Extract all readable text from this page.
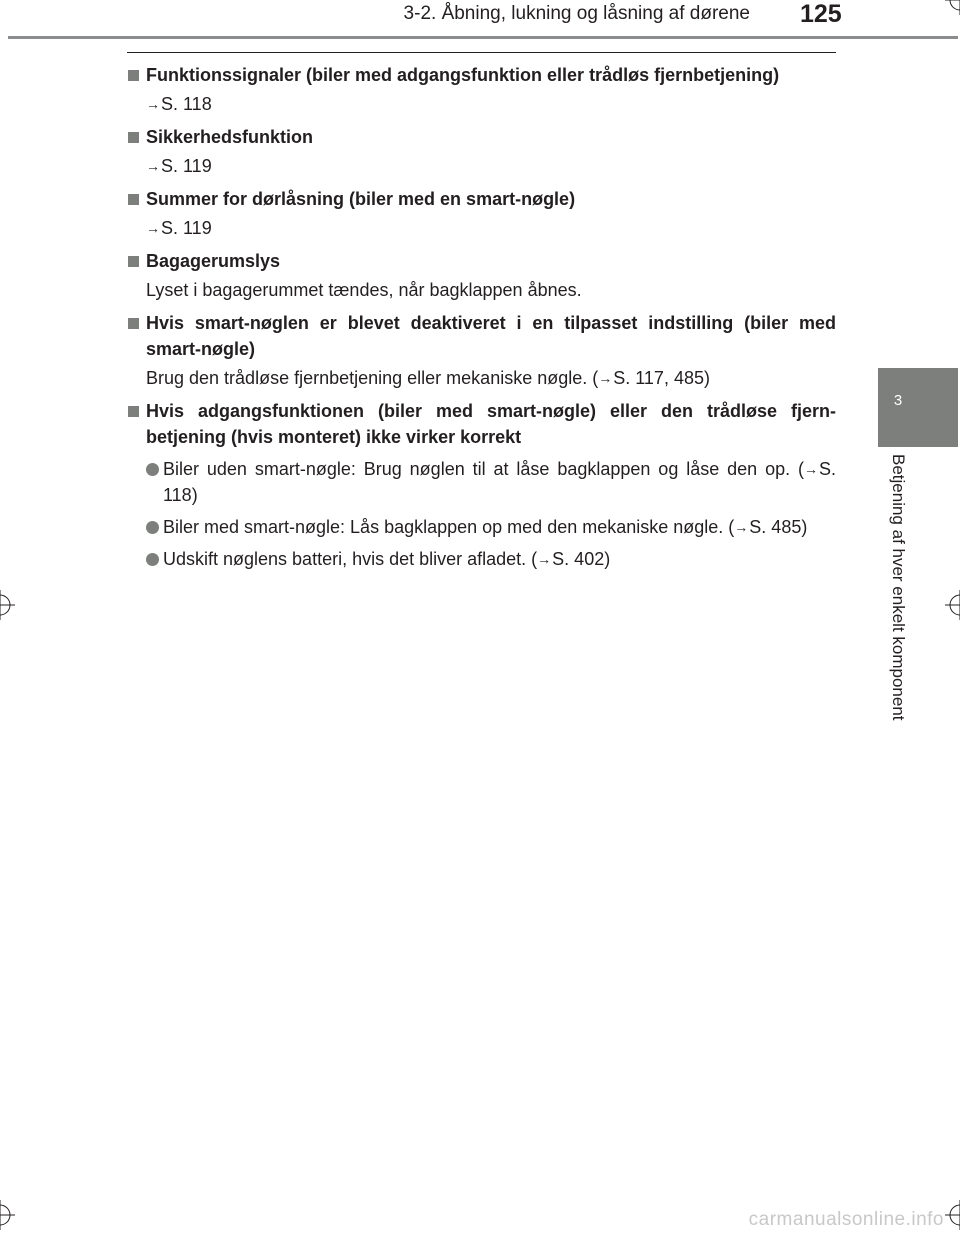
3-2. Åbning, lukning og låsning af dørene 125
3
Betjening af hver enkelt komponent
Funktionssignaler (biler med adgangsfunktion eller trådløs fjernbetjening)
→S. 118
Sikkerhedsfunktion
→S. 119
Summer for dørlåsning (biler med en smart-nøgle)
→S. 119
Bagagerumslys
Lyset i bagagerummet tændes, når bagklappen åbnes.
Hvis smart-nøglen er blevet deaktiveret i en tilpasset indstilling (biler med smart-nøgle)
Brug den trådløse fjernbetjening eller mekaniske nøgle. (→S. 117, 485)
Hvis adgangsfunktionen (biler med smart-nøgle) eller den trådløse fjern-betjening (hvis monteret) ikke virker korrekt
Biler uden smart-nøgle: Brug nøglen til at låse bagklappen og låse den op. (→S. 118)
Biler med smart-nøgle: Lås bagklappen op med den mekaniske nøgle. (→S. 485)
Udskift nøglens batteri, hvis det bliver afladet. (→S. 402)
carmanualsonline.info
